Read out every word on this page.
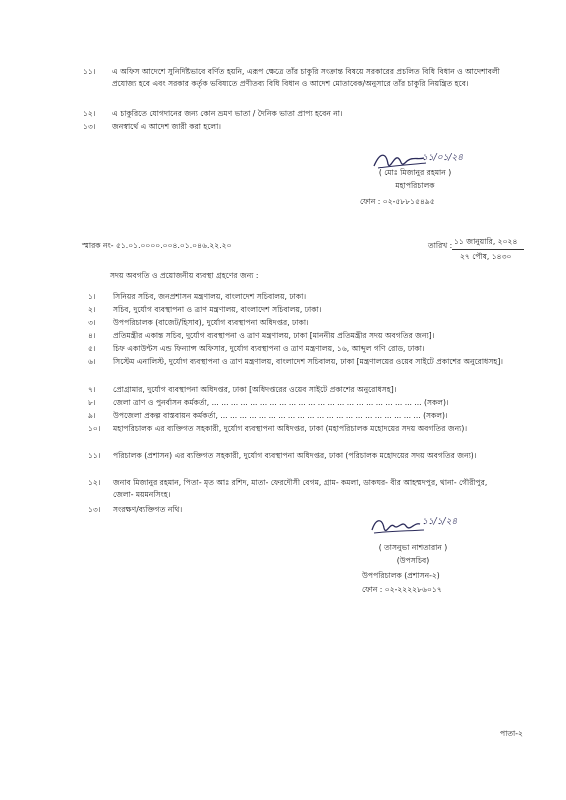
১১। এ অফিস আদেশে সুনির্দিষ্টভাবে বর্ণিত হয়নি, এরূপ ক্ষেত্রে তাঁর চাকুরি সংক্রান্ত বিষয়ে সরকারের প্রচলিত বিধি বিধান ও আদেশাবলী প্রযোজ্য হবে এবং সরকার কর্তৃক ভবিষ্যতে প্রণীতব্য বিধি বিধান ও আদেশ মোতাবেক/অনুসারে তাঁর চাকুরি নিয়ন্ত্রিত হবে।
১২। এ চাকুরিতে যোগদানের জন্য কোন ভ্রমণ ভাতা / দৈনিক ভাতা প্রাপ্য হবেন না।
১৩। জনস্বার্থে এ আদেশ জারী করা হলো।
১১/০১/২৪
( মোঃ মিজানুর রহমান )
মহাপরিচালক
ফোন : ০২-৫৮৮১৫৪৯৫
স্মারক নং- ৫১.০১.০০০০.০০৪.০১.০৪৬.২২.২০	তারিখ : ১১ জানুয়ারি, ২০২৪
২৭ পৌষ, ১৪৩০
সদয় অবগতি ও প্রয়োজনীয় ব্যবস্থা গ্রহণের জন্য :
১। সিনিয়র সচিব, জনপ্রশাসন মন্ত্রণালয়, বাংলাদেশ সচিবালয়, ঢাকা।
২। সচিব, দুর্যোগ ব্যবস্থাপনা ও ত্রাণ মন্ত্রণালয়, বাংলাদেশ সচিবালয়, ঢাকা।
৩। উপপরিচালক (বাজেট/হিসাব), দুর্যোগ ব্যবস্থাপনা অধিদপ্তর, ঢাকা।
৪। প্রতিমন্ত্রীর একান্ত সচিব, দুর্যোগ ব্যবস্থাপনা ও ত্রাণ মন্ত্রণালয়, ঢাকা [মাননীয় প্রতিমন্ত্রীর সদয় অবগতির জন্য]।
৫। চিফ একাউন্টস এন্ড ফিন্যান্স অফিসার, দুর্যোগ ব্যবস্থাপনা ও ত্রাণ মন্ত্রণালয়, ১৬, আব্দুল গণি রোড, ঢাকা।
৬। সিস্টেম এনালিস্ট, দুর্যোগ ব্যবস্থাপনা ও ত্রাণ মন্ত্রণালয়, বাংলাদেশ সচিবালয়, ঢাকা [মন্ত্রণালয়ের ওয়েব সাইটে প্রকাশের অনুরোধসহ]।
৭। প্রোগ্রামার, দুর্যোগ ব্যবস্থাপনা অধিদপ্তর, ঢাকা [অধিদপ্তরের ওয়েব সাইটে প্রকাশের অনুরোধসহ]।
৮। জেলা ত্রাণ ও পুনর্বাসন কর্মকর্তা, ... ... ... ... ... ... ... ... ... ... ... ... ... ... ... ... ... ... ... ... ... ... (সকল)।
৯। উপজেলা প্রকল্প বাস্তবায়ন কর্মকর্তা, ... ... ... ... ... ... ... ... ... ... ... ... ... ... ... ... ... ... ... ... ... (সকল)।
১০। মহাপরিচালক এর ব্যক্তিগত সহকারী, দুর্যোগ ব্যবস্থাপনা অধিদপ্তর, ঢাকা (মহাপরিচালক মহোদয়ের সদয় অবগতির জন্য)।
১১। পরিচালক (প্রশাসন) এর ব্যক্তিগত সহকারী, দুর্যোগ ব্যবস্থাপনা অধিদপ্তর, ঢাকা (পরিচালক মহোদয়ের সদয় অবগতির জন্য)।
১২। জনাব মিজানুর রহমান, পিতা- মৃত আঃ রশিদ, মাতা- ফেরদৌসী বেগম, গ্রাম- কমলা, ডাকঘর- বীর আহম্মদপুর, থানা- গৌরীপুর, জেলা- ময়মনসিংহ।
১৩। সংরক্ষণ/ব্যক্তিগত নথি।
১১/১/২৪
( তাসনুভা নাশতারান )
(উপসচিব)
উপপরিচালক (প্রশাসন-২)
ফোন : ০২-২২২২৮৬০১৭
পাতা-২
